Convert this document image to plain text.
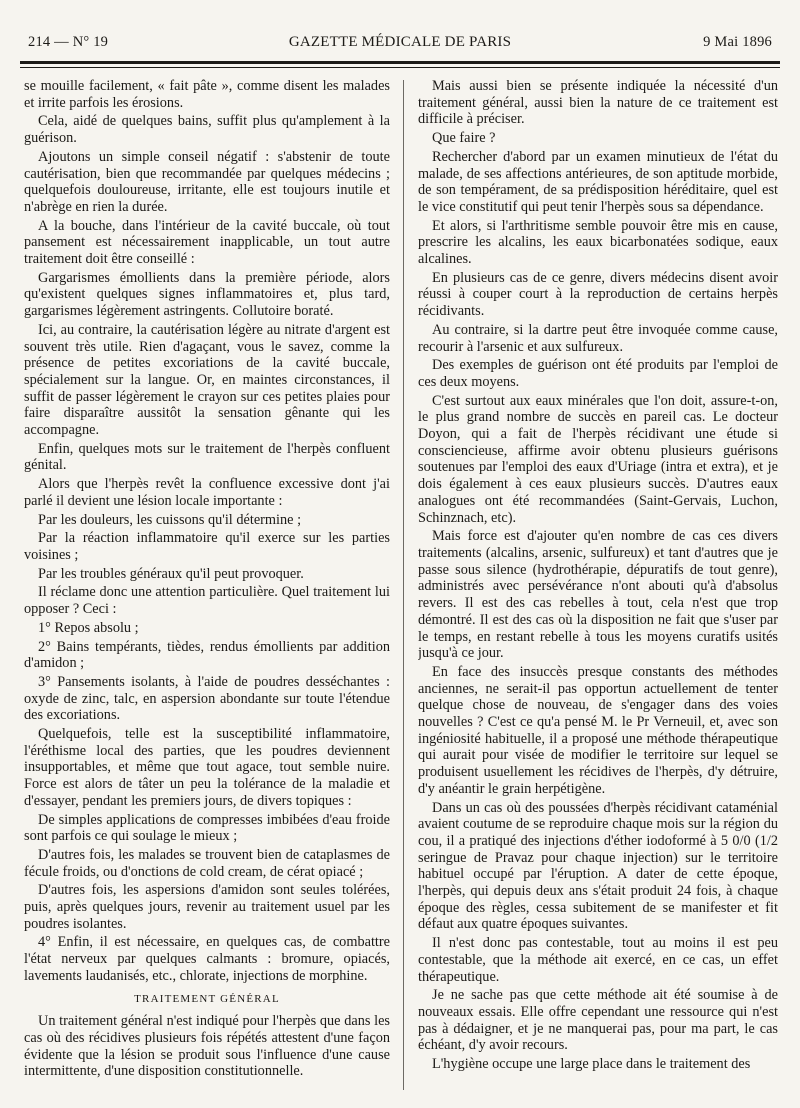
214 — N° 19	GAZETTE MÉDICALE DE PARIS	9 Mai 1896

se mouille facilement, « fait pâte », comme disent les malades et irrite parfois les érosions.

Cela, aidé de quelques bains, suffit plus qu'amplement à la guérison.

Ajoutons un simple conseil négatif : s'abstenir de toute cautérisation, bien que recommandée par quelques médecins ; quelquefois douloureuse, irritante, elle est toujours inutile et n'abrège en rien la durée.

A la bouche, dans l'intérieur de la cavité buccale, où tout pansement est nécessairement inapplicable, un tout autre traitement doit être conseillé :

Gargarismes émollients dans la première période, alors qu'existent quelques signes inflammatoires et, plus tard, gargarismes légèrement astringents. Collutoire boraté.

Ici, au contraire, la cautérisation légère au nitrate d'argent est souvent très utile. Rien d'agaçant, vous le savez, comme la présence de petites excoriations de la cavité buccale, spécialement sur la langue. Or, en maintes circonstances, il suffit de passer légèrement le crayon sur ces petites plaies pour faire disparaître aussitôt la sensation gênante qui les accompagne.

Enfin, quelques mots sur le traitement de l'herpès confluent génital.

Alors que l'herpès revêt la confluence excessive dont j'ai parlé il devient une lésion locale importante :

Par les douleurs, les cuissons qu'il détermine ;

Par la réaction inflammatoire qu'il exerce sur les parties voisines ;

Par les troubles généraux qu'il peut provoquer.

Il réclame donc une attention particulière. Quel traitement lui opposer ? Ceci :

1° Repos absolu ;

2° Bains tempérants, tièdes, rendus émollients par addition d'amidon ;

3° Pansements isolants, à l'aide de poudres desséchantes : oxyde de zinc, talc, en aspersion abondante sur toute l'étendue des excoriations.

Quelquefois, telle est la susceptibilité inflammatoire, l'éréthisme local des parties, que les poudres deviennent insupportables, et même que tout agace, tout semble nuire. Force est alors de tâter un peu la tolérance de la maladie et d'essayer, pendant les premiers jours, de divers topiques :

De simples applications de compresses imbibées d'eau froide sont parfois ce qui soulage le mieux ;

D'autres fois, les malades se trouvent bien de cataplasmes de fécule froids, ou d'onctions de cold cream, de cérat opiacé ;

D'autres fois, les aspersions d'amidon sont seules tolérées, puis, après quelques jours, revenir au traitement usuel par les poudres isolantes.

4° Enfin, il est nécessaire, en quelques cas, de combattre l'état nerveux par quelques calmants : bromure, opiacés, lavements laudanisés, etc., chlorate, injections de morphine.

TRAITEMENT GÉNÉRAL

Un traitement général n'est indiqué pour l'herpès que dans les cas où des récidives plusieurs fois répétés attestent d'une façon évidente que la lésion se produit sous l'influence d'une cause intermittente, d'une disposition constitutionnelle.

Mais aussi bien se présente indiquée la nécessité d'un traitement général, aussi bien la nature de ce traitement est difficile à préciser.

Que faire ?

Rechercher d'abord par un examen minutieux de l'état du malade, de ses affections antérieures, de son aptitude morbide, de son tempérament, de sa prédisposition héréditaire, quel est le vice constitutif qui peut tenir l'herpès sous sa dépendance.

Et alors, si l'arthritisme semble pouvoir être mis en cause, prescrire les alcalins, les eaux bicarbonatées sodique, eaux alcalines.

En plusieurs cas de ce genre, divers médecins disent avoir réussi à couper court à la reproduction de certains herpès récidivants.

Au contraire, si la dartre peut être invoquée comme cause, recourir à l'arsenic et aux sulfureux.

Des exemples de guérison ont été produits par l'emploi de ces deux moyens.

C'est surtout aux eaux minérales que l'on doit, assure-t-on, le plus grand nombre de succès en pareil cas. Le docteur Doyon, qui a fait de l'herpès récidivant une étude si consciencieuse, affirme avoir obtenu plusieurs guérisons soutenues par l'emploi des eaux d'Uriage (intra et extra), et je dois également à ces eaux plusieurs succès. D'autres eaux analogues ont été recommandées (Saint-Gervais, Luchon, Schinznach, etc).

Mais force est d'ajouter qu'en nombre de cas ces divers traitements (alcalins, arsenic, sulfureux) et tant d'autres que je passe sous silence (hydrothérapie, dépuratifs de tout genre), administrés avec persévérance n'ont abouti qu'à d'absolus revers. Il est des cas rebelles à tout, cela n'est que trop démontré. Il est des cas où la disposition ne fait que s'user par le temps, en restant rebelle à tous les moyens curatifs usités jusqu'à ce jour.

En face des insuccès presque constants des méthodes anciennes, ne serait-il pas opportun actuellement de tenter quelque chose de nouveau, de s'engager dans des voies nouvelles ? C'est ce qu'a pensé M. le Pr Verneuil, et, avec son ingéniosité habituelle, il a proposé une méthode thérapeutique qui aurait pour visée de modifier le territoire sur lequel se produisent usuellement les récidives de l'herpès, d'y détruire, d'y anéantir le grain herpétigène.

Dans un cas où des poussées d'herpès récidivant cataménial avaient coutume de se reproduire chaque mois sur la région du cou, il a pratiqué des injections d'éther iodoformé à 5 0/0 (1/2 seringue de Pravaz pour chaque injection) sur le territoire habituel occupé par l'éruption. A dater de cette époque, l'herpès, qui depuis deux ans s'était produit 24 fois, à chaque époque des règles, cessa subitement de se manifester et fit défaut aux quatre époques suivantes.

Il n'est donc pas contestable, tout au moins il est peu contestable, que la méthode ait exercé, en ce cas, un effet thérapeutique.

Je ne sache pas que cette méthode ait été soumise à de nouveaux essais. Elle offre cependant une ressource qui n'est pas à dédaigner, et je ne manquerai pas, pour ma part, le cas échéant, d'y avoir recours.

L'hygiène occupe une large place dans le traitement des
